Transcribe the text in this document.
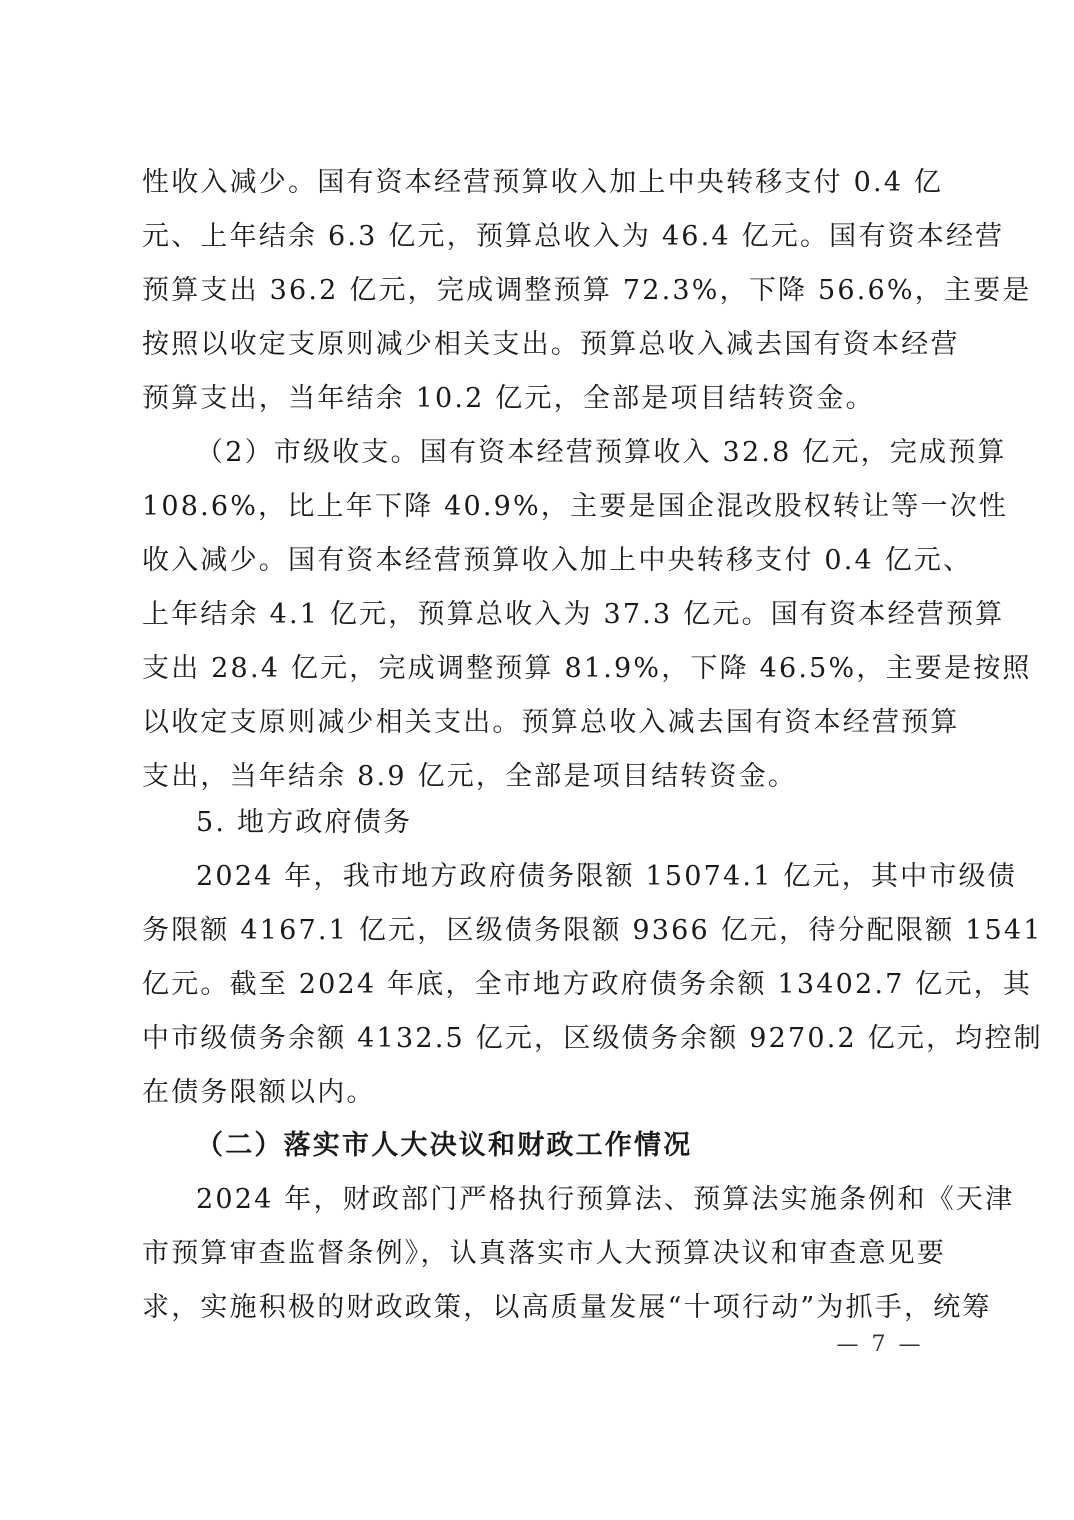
性收入减少。国有资本经营预算收入加上中央转移支付 0.4 亿
元、上年结余 6.3 亿元，预算总收入为 46.4 亿元。国有资本经营
预算支出 36.2 亿元，完成调整预算 72.3%，下降 56.6%，主要是
按照以收定支原则减少相关支出。预算总收入减去国有资本经营
预算支出，当年结余 10.2 亿元，全部是项目结转资金。
（2）市级收支。国有资本经营预算收入 32.8 亿元，完成预算
108.6%，比上年下降 40.9%，主要是国企混改股权转让等一次性
收入减少。国有资本经营预算收入加上中央转移支付 0.4 亿元、
上年结余 4.1 亿元，预算总收入为 37.3 亿元。国有资本经营预算
支出 28.4 亿元，完成调整预算 81.9%，下降 46.5%，主要是按照
以收定支原则减少相关支出。预算总收入减去国有资本经营预算
支出，当年结余 8.9 亿元，全部是项目结转资金。
5. 地方政府债务
2024 年，我市地方政府债务限额 15074.1 亿元，其中市级债
务限额 4167.1 亿元，区级债务限额 9366 亿元，待分配限额 1541
亿元。截至 2024 年底，全市地方政府债务余额 13402.7 亿元，其
中市级债务余额 4132.5 亿元，区级债务余额 9270.2 亿元，均控制
在债务限额以内。
（二）落实市人大决议和财政工作情况
2024 年，财政部门严格执行预算法、预算法实施条例和《天津
市预算审查监督条例》，认真落实市人大预算决议和审查意见要
求，实施积极的财政政策，以高质量发展“十项行动”为抓手，统筹
— 7 —
